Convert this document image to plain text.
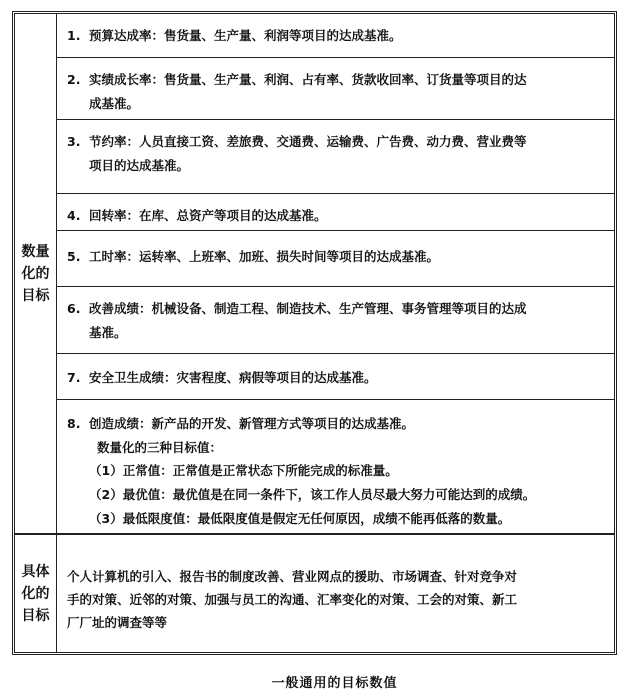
数量化的目标
1. 预算达成率：售货量、生产量、利润等项目的达成基准。
2. 实绩成长率：售货量、生产量、利润、占有率、货款收回率、订货量等项目的达
成基准。
3. 节约率：人员直接工资、差旅费、交通费、运输费、广告费、动力费、营业费等
项目的达成基准。
4. 回转率：在库、总资产等项目的达成基准。
5. 工时率：运转率、上班率、加班、损失时间等项目的达成基准。
6. 改善成绩：机械设备、制造工程、制造技术、生产管理、事务管理等项目的达成
基准。
7. 安全卫生成绩：灾害程度、病假等项目的达成基准。
8. 创造成绩：新产品的开发、新管理方式等项目的达成基准。
数量化的三种目标值：
（1）正常值：正常值是正常状态下所能完成的标准量。
（2）最优值：最优值是在同一条件下，该工作人员尽最大努力可能达到的成绩。
（3）最低限度值：最低限度值是假定无任何原因，成绩不能再低落的数量。
具体化的目标
个人计算机的引入、报告书的制度改善、营业网点的援助、市场调查、针对竞争对
手的对策、近邻的对策、加强与员工的沟通、汇率变化的对策、工会的对策、新工
厂厂址的调查等等
一般通用的目标数值
